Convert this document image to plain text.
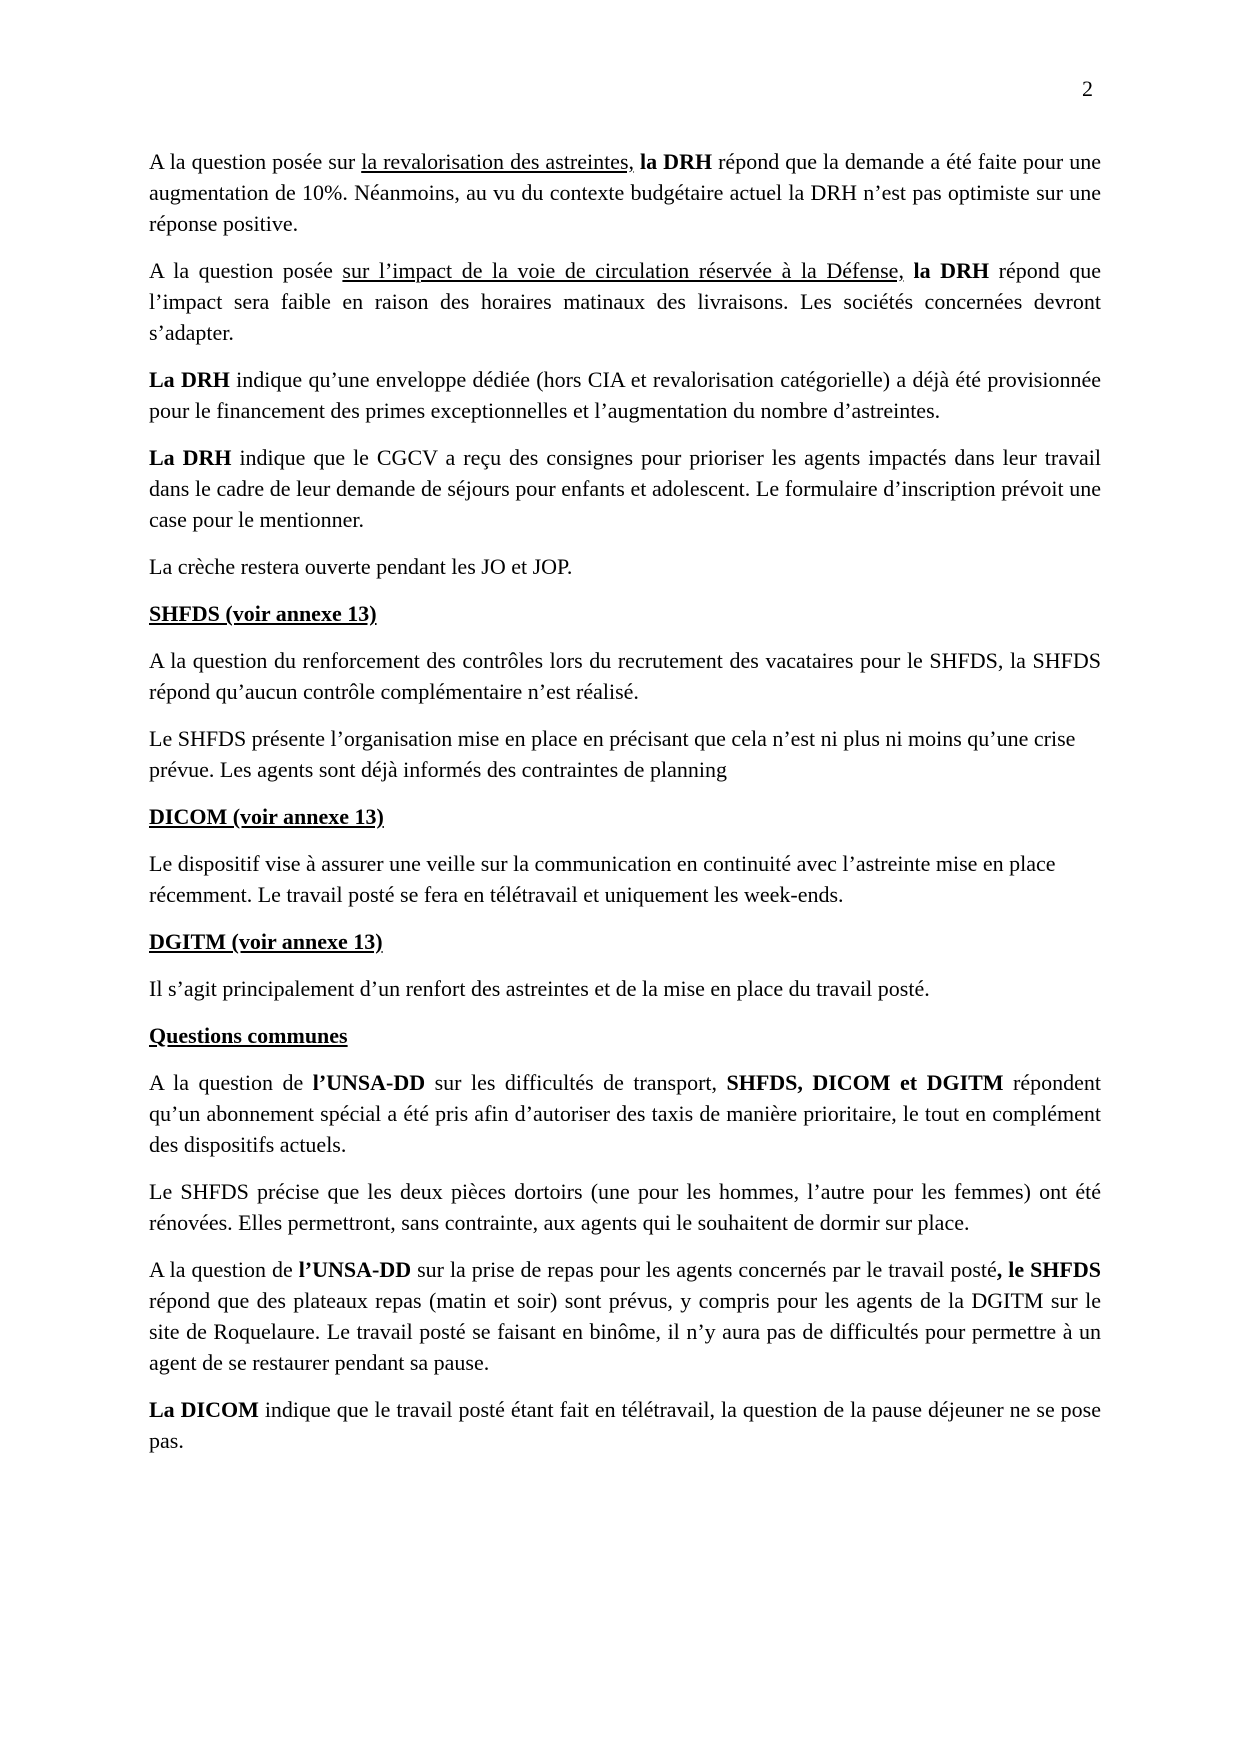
2

A la question posée sur la revalorisation des astreintes, la DRH répond que la demande a été faite pour une augmentation de 10%. Néanmoins, au vu du contexte budgétaire actuel la DRH n’est pas optimiste sur une réponse positive.

A la question posée sur l’impact de la voie de circulation réservée à la Défense, la DRH répond que l’impact sera faible en raison des horaires matinaux des livraisons. Les sociétés concernées devront s’adapter.

La DRH indique qu’une enveloppe dédiée (hors CIA et revalorisation catégorielle) a déjà été provisionnée pour le financement des primes exceptionnelles et l’augmentation du nombre d’astreintes.

La DRH indique que le CGCV a reçu des consignes pour prioriser les agents impactés dans leur travail dans le cadre de leur demande de séjours pour enfants et adolescent. Le formulaire d’inscription prévoit une case pour le mentionner.

La crèche restera ouverte pendant les JO et JOP.

SHFDS (voir annexe 13)

A la question du renforcement des contrôles lors du recrutement des vacataires pour le SHFDS, la SHFDS répond qu’aucun contrôle complémentaire n’est réalisé.

Le SHFDS présente l’organisation mise en place en précisant que cela n’est ni plus ni moins qu’une crise prévue. Les agents sont déjà informés des contraintes de planning

DICOM (voir annexe 13)

Le dispositif vise à assurer une veille sur la communication en continuité avec l’astreinte mise en place récemment. Le travail posté se fera en télétravail et uniquement les week-ends.

DGITM (voir annexe 13)

Il s’agit principalement d’un renfort des astreintes et de la mise en place du travail posté.

Questions communes

A la question de l’UNSA-DD sur les difficultés de transport, SHFDS, DICOM et DGITM répondent qu’un abonnement spécial a été pris afin d’autoriser des taxis de manière prioritaire, le tout en complément des dispositifs actuels.

Le SHFDS précise que les deux pièces dortoirs (une pour les hommes, l’autre pour les femmes) ont été rénovées. Elles permettront, sans contrainte, aux agents qui le souhaitent de dormir sur place.

A la question de l’UNSA-DD sur la prise de repas pour les agents concernés par le travail posté, le SHFDS répond que des plateaux repas (matin et soir) sont prévus, y compris pour les agents de la DGITM sur le site de Roquelaure. Le travail posté se faisant en binôme, il n’y aura pas de difficultés pour permettre à un agent de se restaurer pendant sa pause.

La DICOM indique que le travail posté étant fait en télétravail, la question de la pause déjeuner ne se pose pas.
